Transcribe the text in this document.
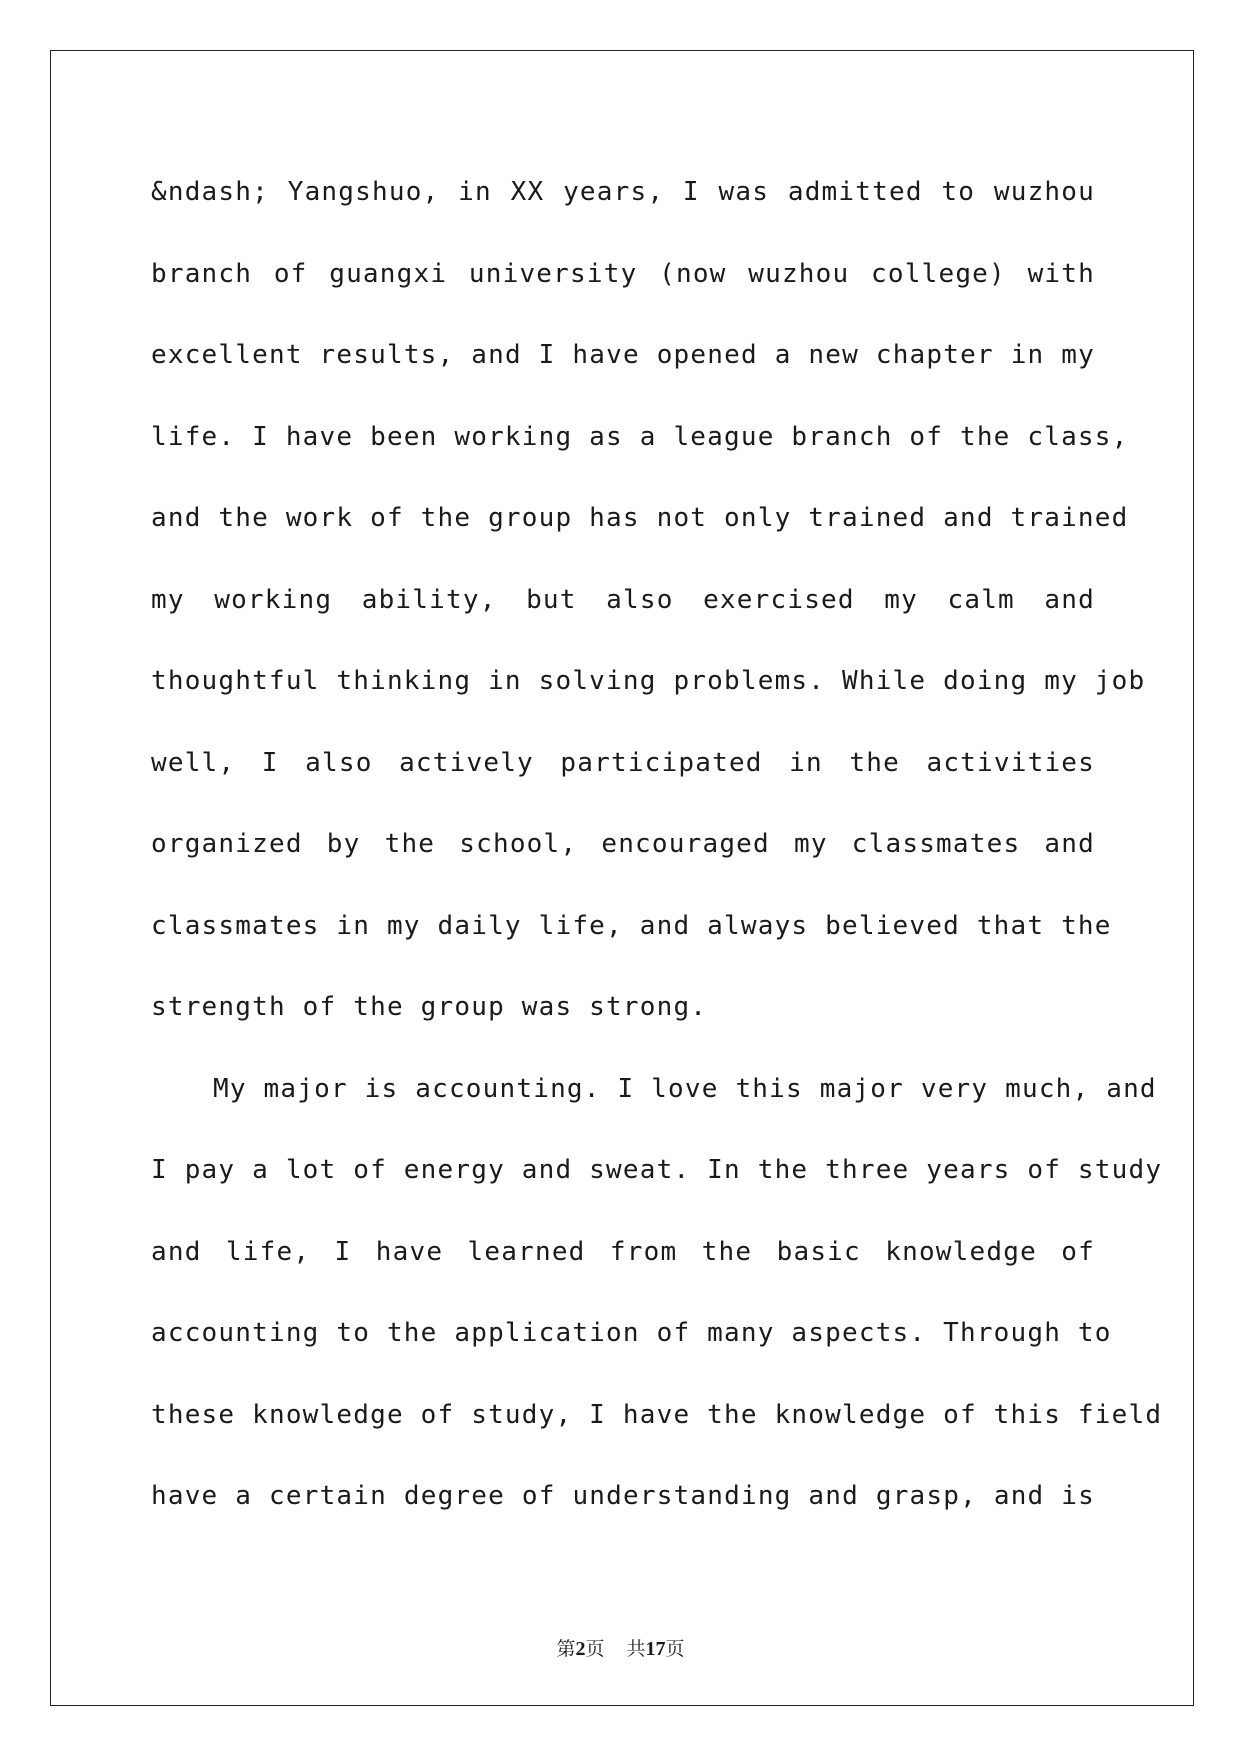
&ndash; Yangshuo, in XX years, I was admitted to wuzhou
branch of guangxi university (now wuzhou college) with
excellent results, and I have opened a new chapter in my
life. I have been working as a league branch of the class,
and the work of the group has not only trained and trained
my working ability, but also exercised my calm and
thoughtful thinking in solving problems. While doing my job
well, I also actively participated in the activities
organized by the school, encouraged my classmates and
classmates in my daily life, and always believed that the
strength of the group was strong.
My major is accounting. I love this major very much, and
I pay a lot of energy and sweat. In the three years of study
and life, I have learned from the basic knowledge of
accounting to the application of many aspects. Through to
these knowledge of study, I have the knowledge of this field
have a certain degree of understanding and grasp, and is
第2页 共17页
